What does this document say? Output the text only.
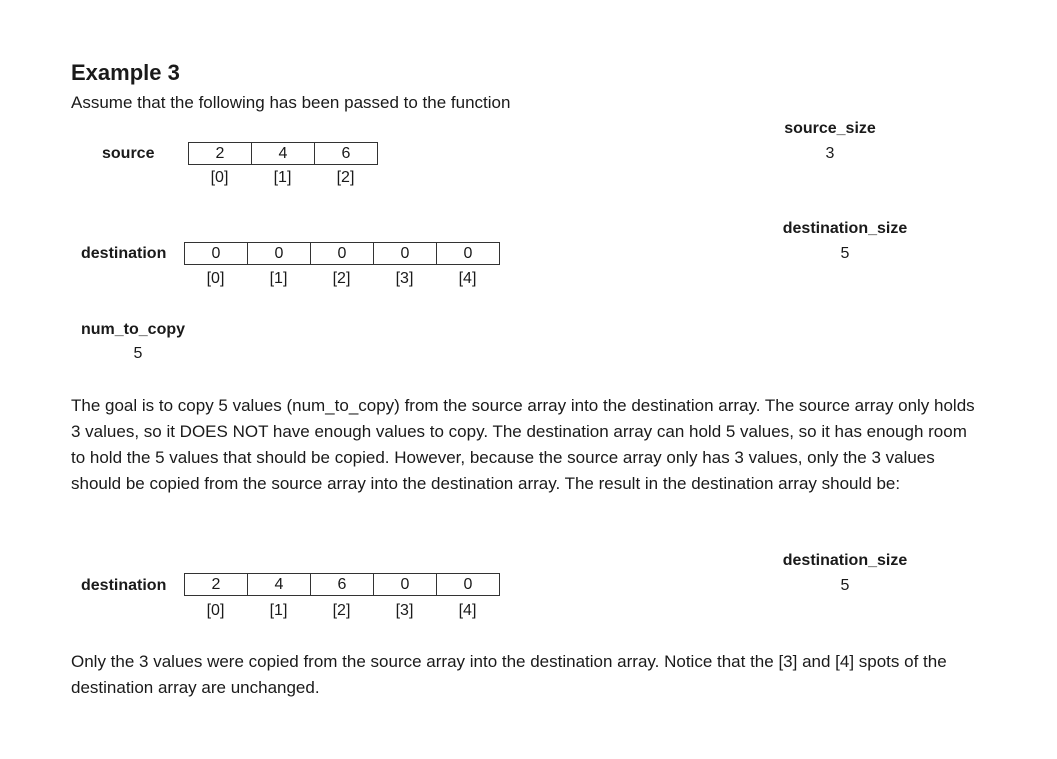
Example 3
Assume that the following has been passed to the function
source	2	4	6
[0]	[1]	[2]
source_size
3
destination	0	0	0	0	0
[0]	[1]	[2]	[3]	[4]
destination_size
5
num_to_copy
5
The goal is to copy 5 values (num_to_copy) from the source array into the destination array. The source array only holds 3 values, so it DOES NOT have enough values to copy. The destination array can hold 5 values, so it has enough room to hold the 5 values that should be copied. However, because the source array only has 3 values, only the 3 values should be copied from the source array into the destination array. The result in the destination array should be:
destination	2	4	6	0	0
[0]	[1]	[2]	[3]	[4]
destination_size
5
Only the 3 values were copied from the source array into the destination array. Notice that the [3] and [4] spots of the destination array are unchanged.
